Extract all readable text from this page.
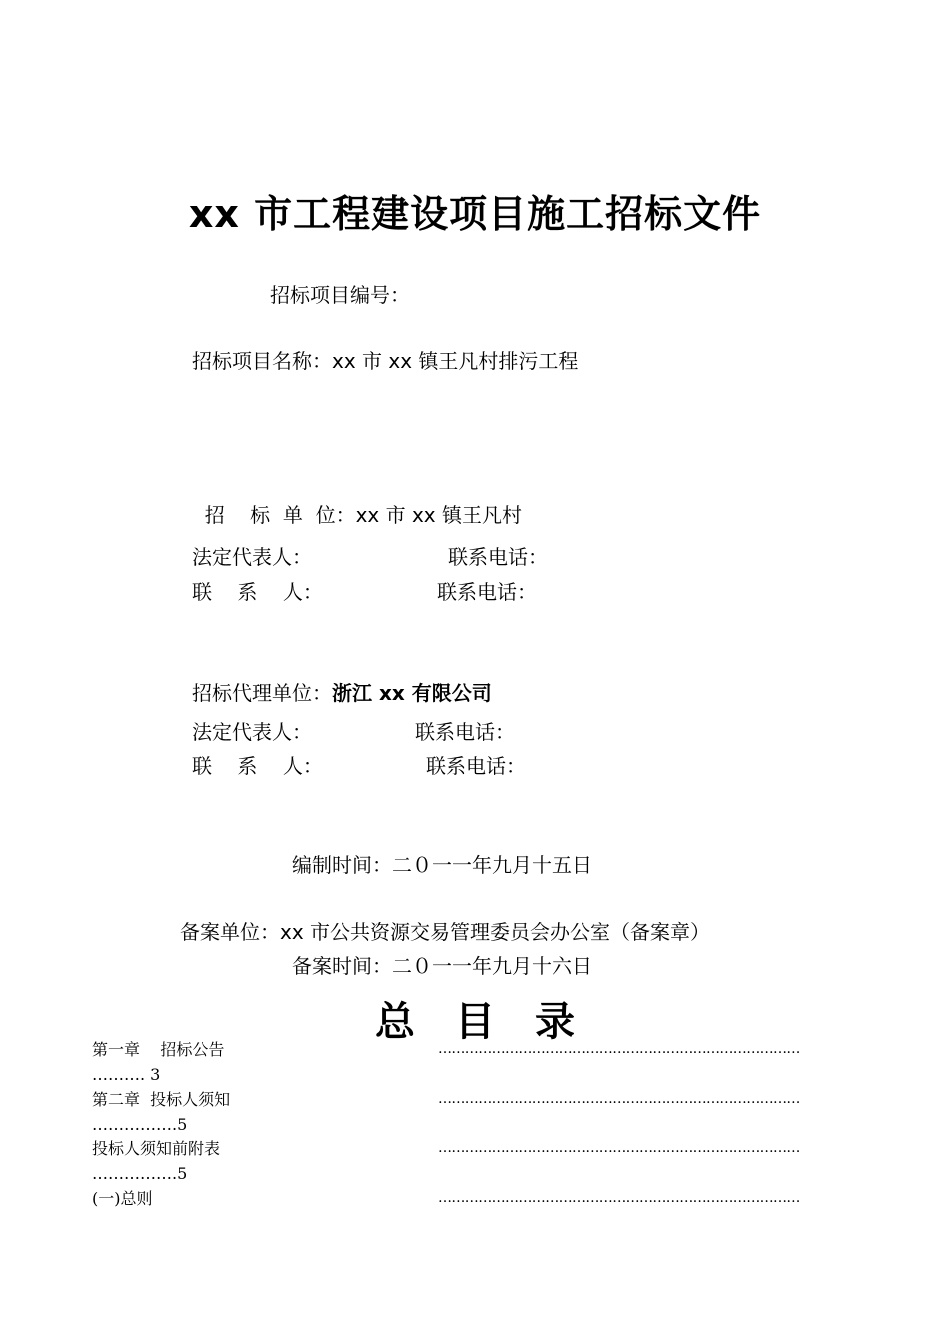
xx 市工程建设项目施工招标文件
招标项目编号：
招标项目名称：xx 市 xx 镇王凡村排污工程

招    标  单  位：xx 市 xx 镇王凡村

法定代表人：	联系电话：
联    系    人：	联系电话：
招标代理单位：浙江 xx 有限公司
法定代表人：	联系电话：
联    系    人：	联系电话：
编制时间：二０一一年九月十五日
备案单位：xx 市公共资源交易管理委员会办公室（备案章）
备案时间：二０一一年九月十六日
总目录
第一章    招标公告	………………………………………………………………………
………. 3
第二章  投标人须知	………………………………………………………………………
…………….5
投标人须知前附表	………………………………………………………………………
…………….5
(一)总则	………………………………………………………………………
